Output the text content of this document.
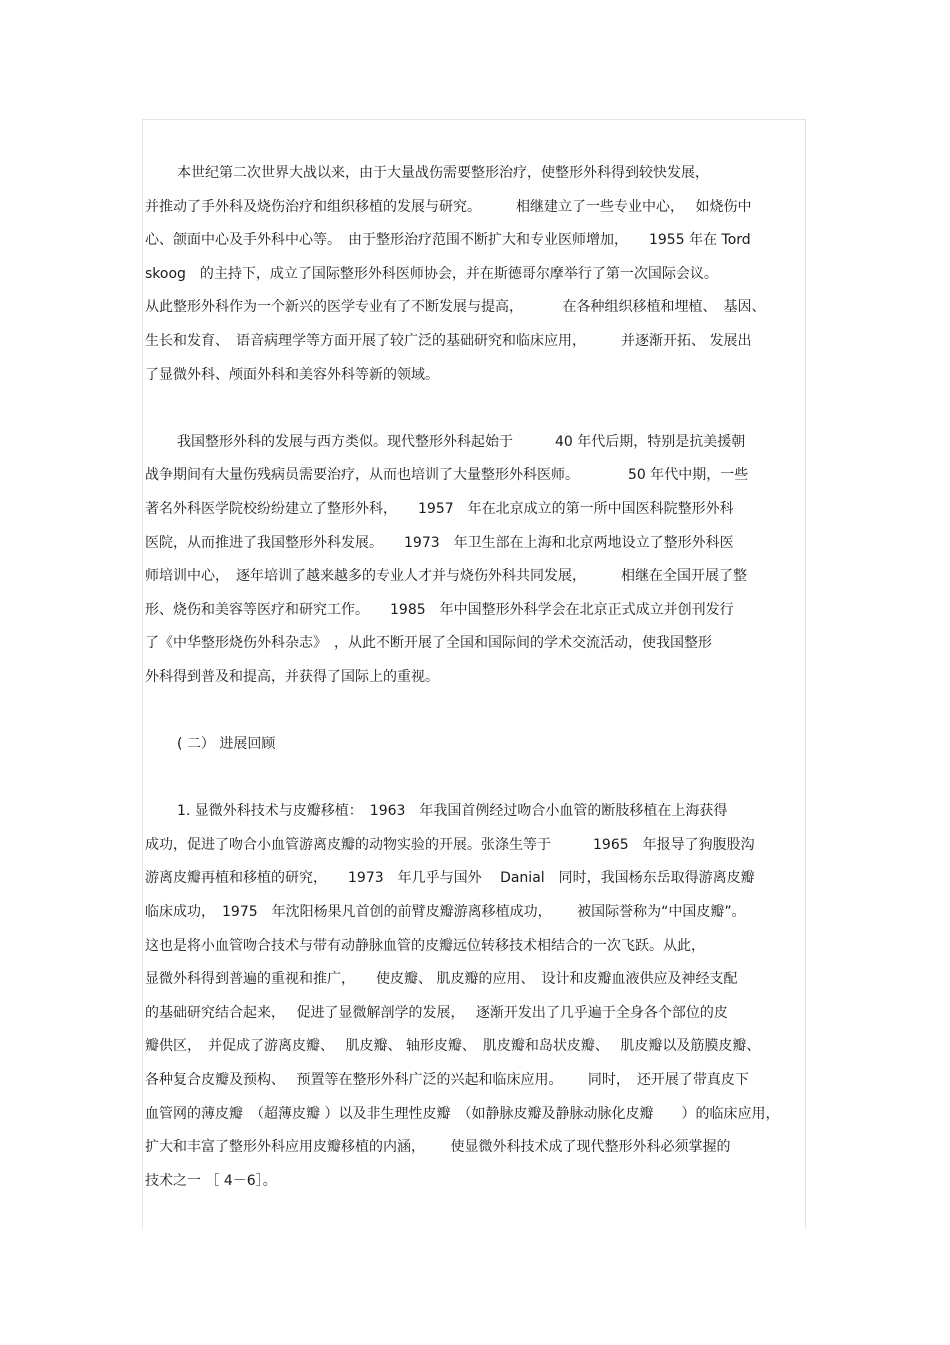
本世纪第二次世界大战以来，由于大量战伤需要整形治疗，使整形外科得到较快发展，
并推动了手外科及烧伤治疗和组织移植的发展与研究。　　　相继建立了一些专业中心，　 如烧伤中
心、颌面中心及手外科中心等。　由于整形治疗范围不断扩大和专业医师增加，　　1955 年在 Tord
skoog　的主持下，成立了国际整形外科医师协会，并在斯德哥尔摩举行了第一次国际会议。
从此整形外科作为一个新兴的医学专业有了不断发展与提高，　　　 在各种组织移植和埋植、　基因、
生长和发育、　语音病理学等方面开展了较广泛的基础研究和临床应用，　　　并逐渐开拓、 发展出
了显微外科、颅面外科和美容外科等新的领域。
我国整形外科的发展与西方类似。现代整形外科起始于　　　40 年代后期，特别是抗美援朝
战争期间有大量伤残病员需要治疗，从而也培训了大量整形外科医师。　　　　50 年代中期，一些
著名外科医学院校纷纷建立了整形外科，　　1957　年在北京成立的第一所中国医科院整形外科
医院，从而推进了我国整形外科发展。　　1973　年卫生部在上海和北京两地设立了整形外科医
师培训中心，　逐年培训了越来越多的专业人才并与烧伤外科共同发展，　　　相继在全国开展了整
形、烧伤和美容等医疗和研究工作。　　1985　年中国整形外科学会在北京正式成立并创刊发行
了《中华整形烧伤外科杂志》　，从此不断开展了全国和国际间的学术交流活动，使我国整形
外科得到普及和提高，并获得了国际上的重视。
( 二） 进展回顾
1. 显微外科技术与皮瓣移植：　1963　年我国首例经过吻合小血管的断肢移植在上海获得
成功，促进了吻合小血管游离皮瓣的动物实验的开展。张涤生等于　　　1965　年报导了狗腹股沟
游离皮瓣再植和移植的研究，　　1973　年几乎与国外　 Danial　同时，我国杨东岳取得游离皮瓣
临床成功，　1975　年沈阳杨果凡首创的前臂皮瓣游离移植成功，　　 被国际誉称为“中国皮瓣”。
这也是将小血管吻合技术与带有动静脉血管的皮瓣远位转移技术相结合的一次飞跃。从此，
显微外科得到普遍的重视和推广，　　使皮瓣、 肌皮瓣的应用、　设计和皮瓣血液供应及神经支配
的基础研究结合起来，　 促进了显微解剖学的发展，　 逐渐开发出了几乎遍于全身各个部位的皮
瓣供区，　并促成了游离皮瓣、　 肌皮瓣、 轴形皮瓣、　肌皮瓣和岛状皮瓣、　 肌皮瓣以及筋膜皮瓣、
各种复合皮瓣及预构、　 预置等在整形外科广泛的兴起和临床应用。　　 同时，　还开展了带真皮下
血管网的薄皮瓣　（超薄皮瓣 ）以及非生理性皮瓣　（如静脉皮瓣及静脉动脉化皮瓣　　）的临床应用，
扩大和丰富了整形外科应用皮瓣移植的内涵，　　 使显微外科技术成了现代整形外科必须掌握的
技术之一 ［ 4－6］。
